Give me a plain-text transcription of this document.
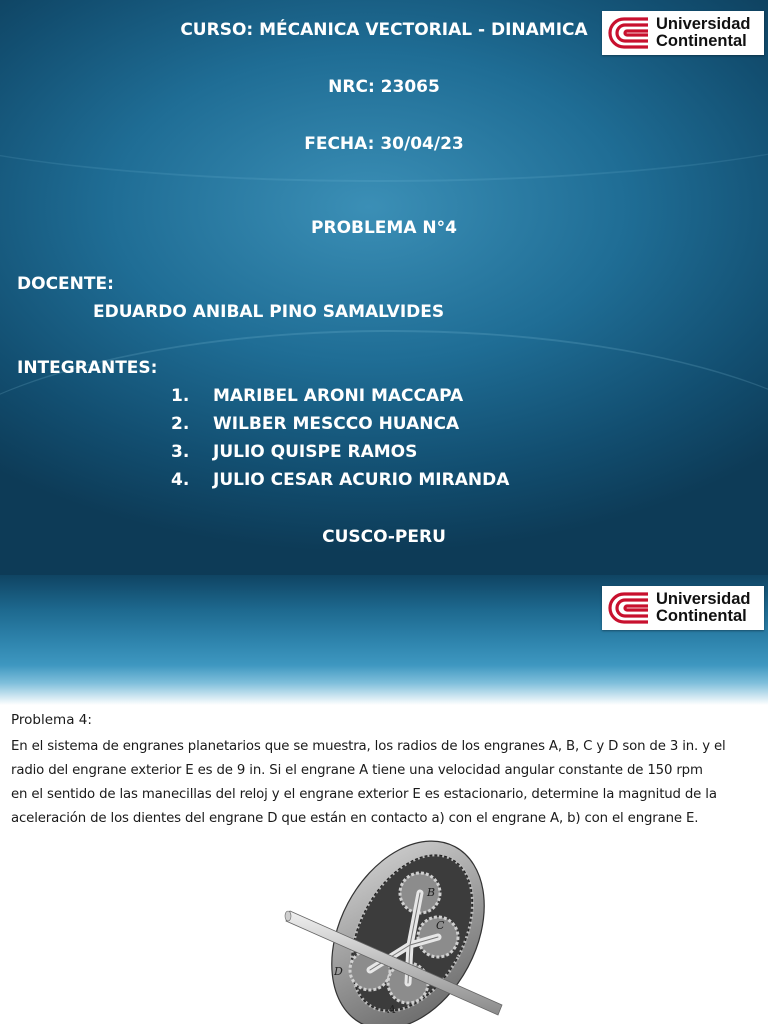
Universidad
Continental
CURSO: MÉCANICA VECTORIAL - DINAMICA
NRC: 23065
FECHA: 30/04/23
PROBLEMA N°4
DOCENTE:
EDUARDO ANIBAL PINO SAMALVIDES
INTEGRANTES:
1.	MARIBEL ARONI MACCAPA
2.	WILBER MESCCO HUANCA
3.	JULIO QUISPE RAMOS
4.	JULIO CESAR ACURIO MIRANDA
CUSCO-PERU
Universidad
Continental
Problema 4:
En el sistema de engranes planetarios que se muestra, los radios de los engranes A, B, C y D son de 3 in. y el
radio del engrane exterior E es de 9 in. Si el engrane A tiene una velocidad angular constante de 150 rpm
en el sentido de las manecillas del reloj y el engrane exterior E es estacionario, determine la magnitud de la
aceleración de los dientes del engrane D que están en contacto a) con el engrane A, b) con el engrane E.
B
C
D
A
